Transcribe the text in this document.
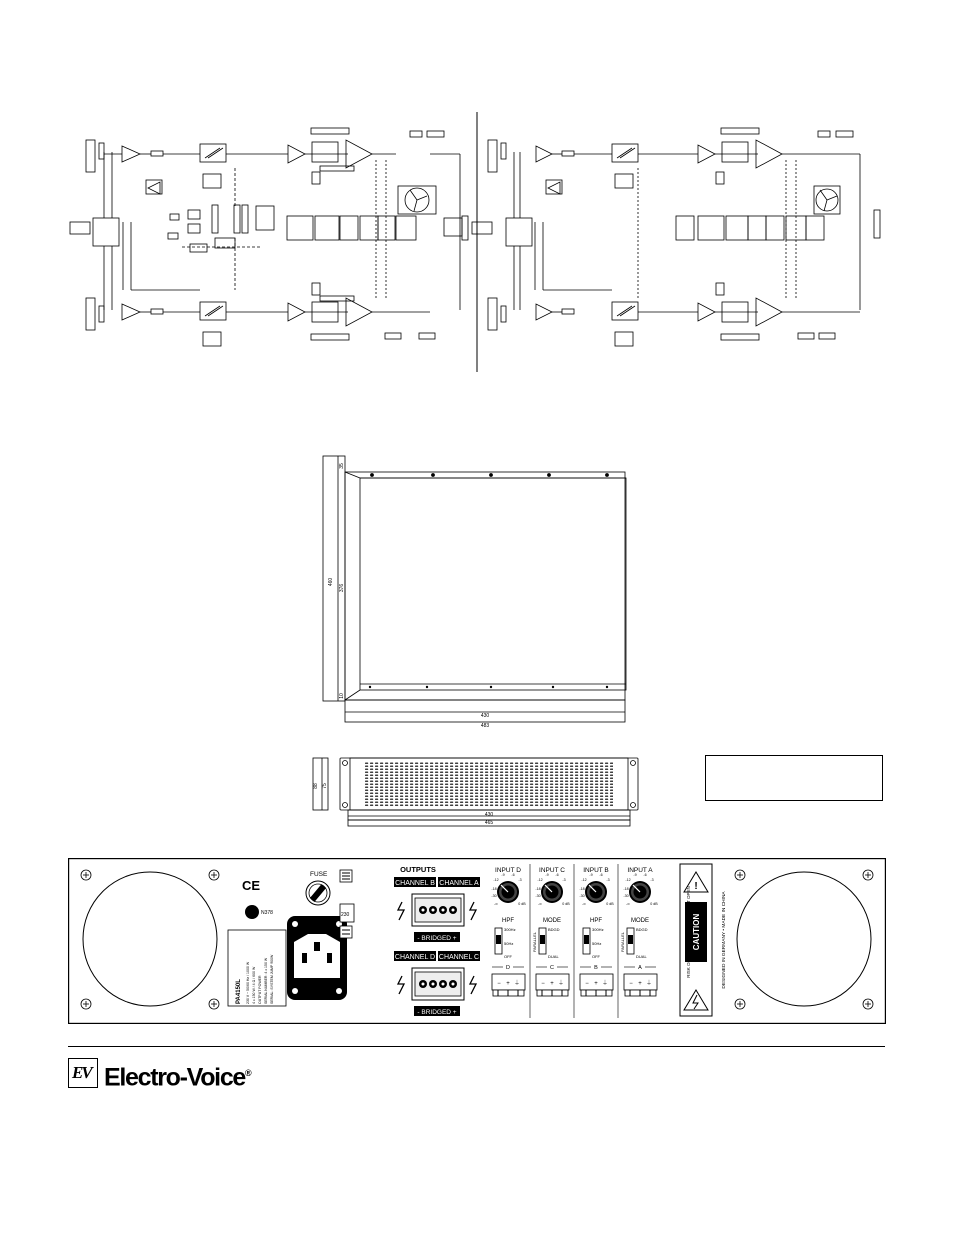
35
460
376
10
430
483
88 75
430
465
CE
N378
PA4150L 230 V ~ 50/60 Hz / 1000 W 4 x 150 W / 4 Ω / 600 W OUTPUT POWER SERIAL NUMBER: 4 x 150 W SERIAL: SYSTEM JUMP 900W
FUSE
230
OUTPUTS
CHANNEL B CHANNEL A
- BRIDGED +
CHANNEL D CHANNEL C
- BRIDGED +
INPUT D
-12
-9 -6
-3
-18
-30
-∞	0 dB
HPF
300Hz
50Hz
OFF
D
− + ⏚
INPUT C
-12
-9 -6
-3
-18
-30
-∞	0 dB
MODE
BDGD
PARALLEL
DUAL
C
− + ⏚
INPUT B
-12
-9 -6
-3
-18
-30
-∞	0 dB
HPF
300Hz
50Hz
OFF
B
− + ⏚
INPUT A
-12
-9 -6
-3
-18
-30
-∞	0 dB
MODE
BDGD
PARALLEL
DUAL
A
− + ⏚
!
CAUTION
RISK OF ELECTRIC SHOCK DO NOT OPEN	DESIGNED IN GERMANY • MADE IN CHINA
EV Electro-Voice®
